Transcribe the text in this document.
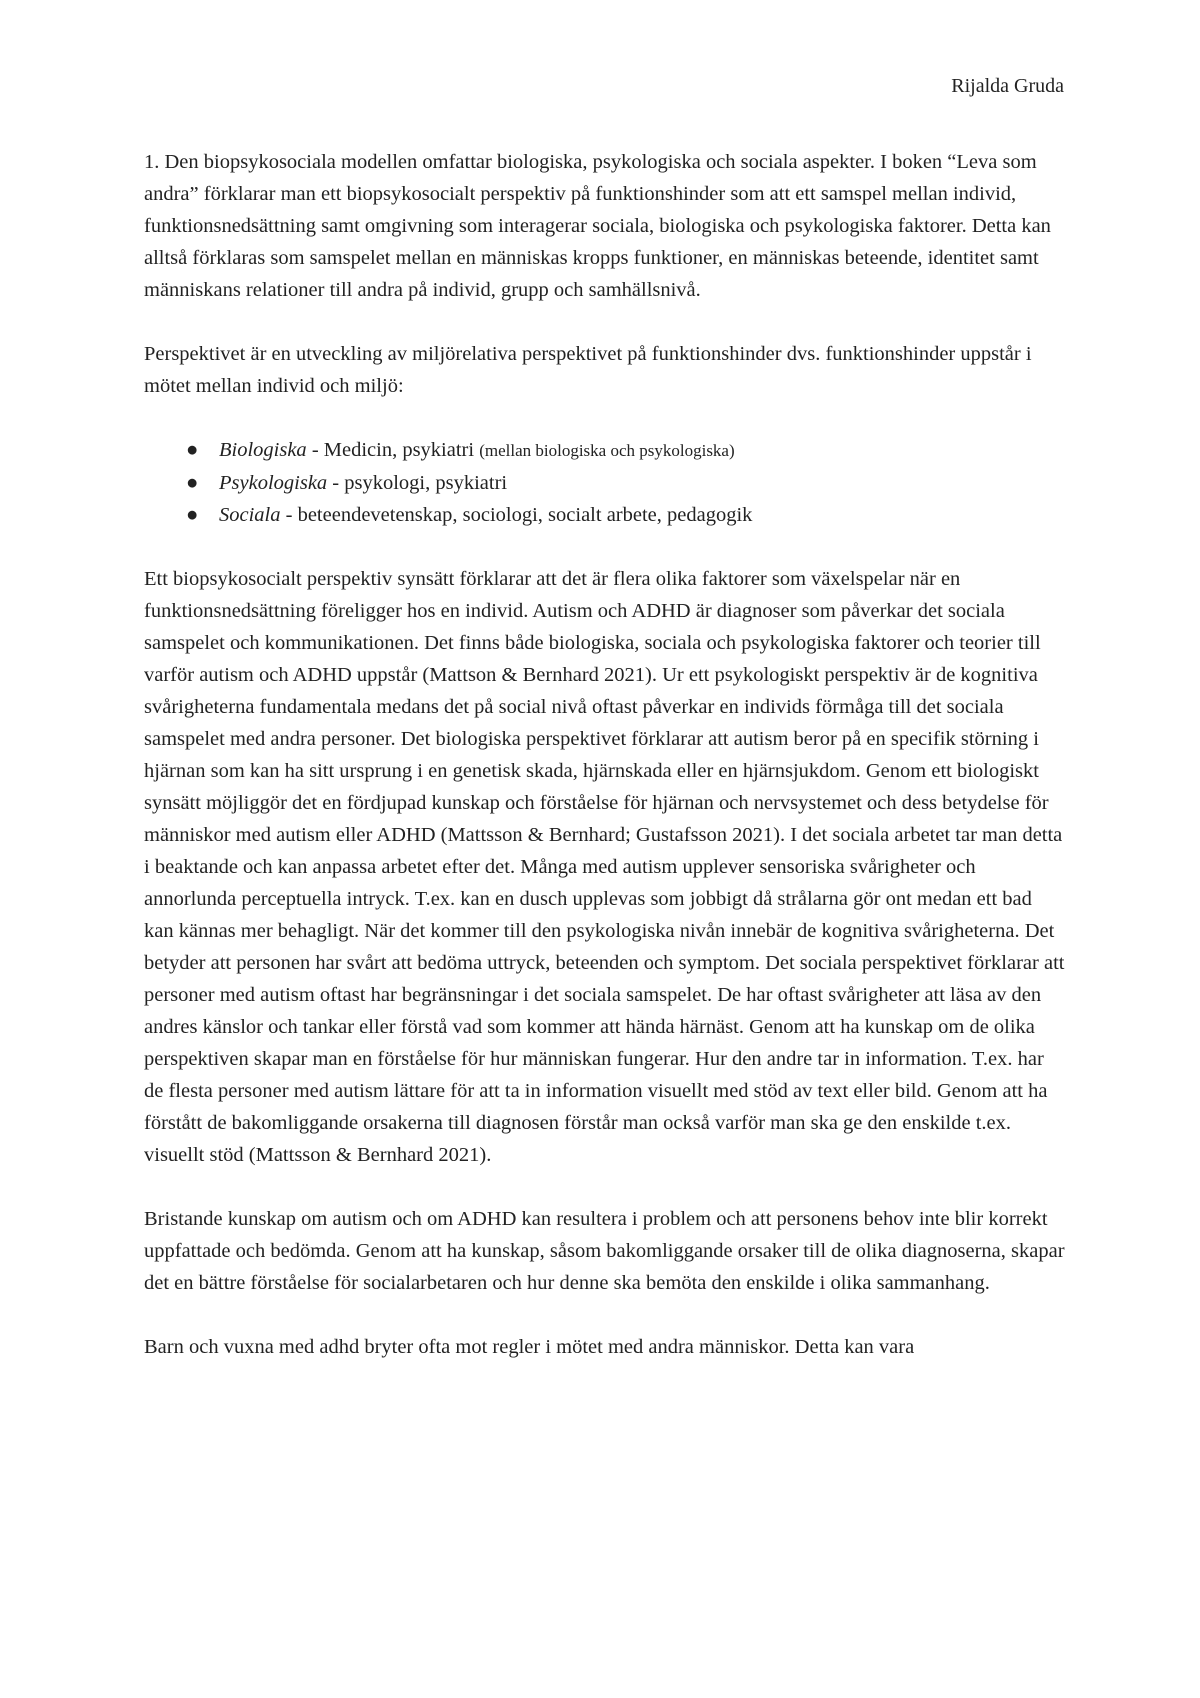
Rijalda Gruda

1. Den biopsykosociala modellen omfattar biologiska, psykologiska och sociala aspekter. I boken “Leva som andra” förklarar man ett biopsykosocialt perspektiv på funktionshinder som att ett samspel mellan individ, funktionsnedsättning samt omgivning som interagerar sociala, biologiska och psykologiska faktorer. Detta kan alltså förklaras som samspelet mellan en människas kropps funktioner, en människas beteende, identitet samt människans relationer till andra på individ, grupp och samhällsnivå.

Perspektivet är en utveckling av miljörelativa perspektivet på funktionshinder dvs. funktionshinder uppstår i mötet mellan individ och miljö:

● Biologiska - Medicin, psykiatri (mellan biologiska och psykologiska)
● Psykologiska - psykologi, psykiatri
● Sociala - beteendevetenskap, sociologi, socialt arbete, pedagogik

Ett biopsykosocialt perspektiv synsätt förklarar att det är flera olika faktorer som växelspelar när en funktionsnedsättning föreligger hos en individ. Autism och ADHD är diagnoser som påverkar det sociala samspelet och kommunikationen. Det finns både biologiska, sociala och psykologiska faktorer och teorier till varför autism och ADHD uppstår (Mattson & Bernhard 2021). Ur ett psykologiskt perspektiv är de kognitiva svårigheterna fundamentala medans det på social nivå oftast påverkar en individs förmåga till det sociala samspelet med andra personer. Det biologiska perspektivet förklarar att autism beror på en specifik störning i hjärnan som kan ha sitt ursprung i en genetisk skada, hjärnskada eller en hjärnsjukdom. Genom ett biologiskt synsätt möjliggör det en fördjupad kunskap och förståelse för hjärnan och nervsystemet och dess betydelse för människor med autism eller ADHD (Mattsson & Bernhard; Gustafsson 2021). I det sociala arbetet tar man detta i beaktande och kan anpassa arbetet efter det. Många med autism upplever sensoriska svårigheter och annorlunda perceptuella intryck. T.ex. kan en dusch upplevas som jobbigt då strålarna gör ont medan ett bad kan kännas mer behagligt. När det kommer till den psykologiska nivån innebär de kognitiva svårigheterna. Det betyder att personen har svårt att bedöma uttryck, beteenden och symptom. Det sociala perspektivet förklarar att personer med autism oftast har begränsningar i det sociala samspelet. De har oftast svårigheter att läsa av den andres känslor och tankar eller förstå vad som kommer att hända härnäst. Genom att ha kunskap om de olika perspektiven skapar man en förståelse för hur människan fungerar. Hur den andre tar in information. T.ex. har de flesta personer med autism lättare för att ta in information visuellt med stöd av text eller bild. Genom att ha förstått de bakomliggande orsakerna till diagnosen förstår man också varför man ska ge den enskilde t.ex. visuellt stöd (Mattsson & Bernhard 2021).

Bristande kunskap om autism och om ADHD kan resultera i problem och att personens behov inte blir korrekt uppfattade och bedömda. Genom att ha kunskap, såsom bakomliggande orsaker till de olika diagnoserna, skapar det en bättre förståelse för socialarbetaren och hur denne ska bemöta den enskilde i olika sammanhang.

Barn och vuxna med adhd bryter ofta mot regler i mötet med andra människor. Detta kan vara
